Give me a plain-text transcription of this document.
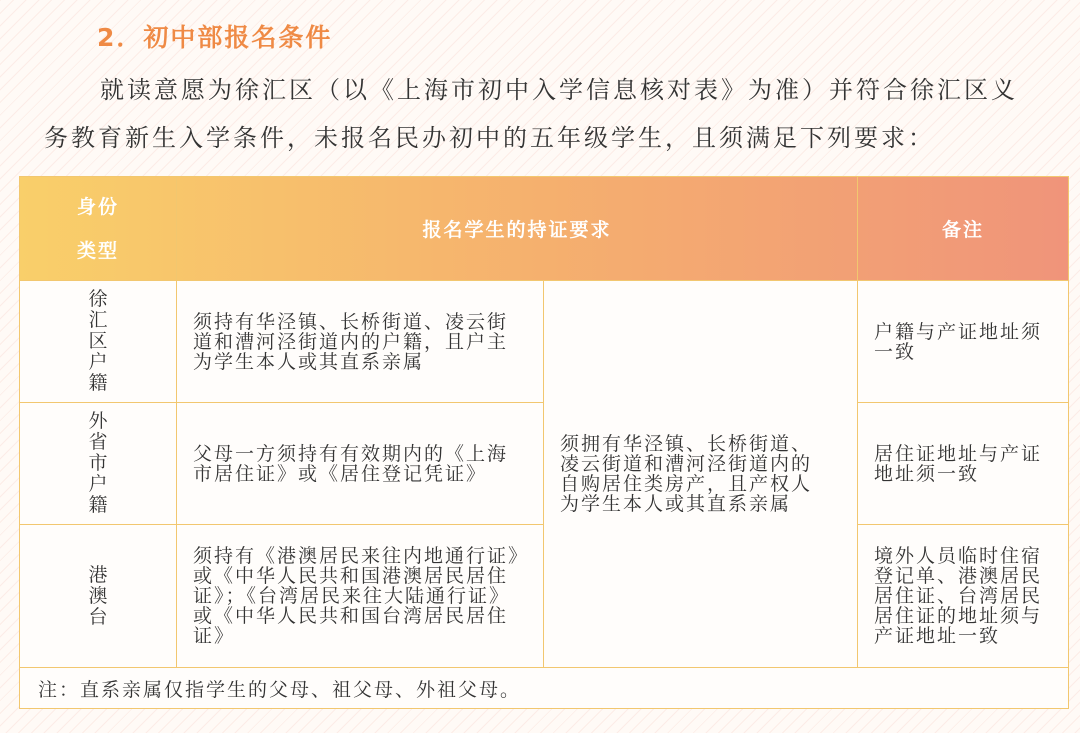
2．初中部报名条件

就读意愿为徐汇区（以《上海市初中入学信息核对表》为准）并符合徐汇区义
务教育新生入学条件，未报名民办初中的五年级学生，且须满足下列要求：

身份
类型	报名学生的持证要求		备注
徐汇区户籍	须持有华泾镇、长桥街道、凌云街道和漕河泾街道内的户籍，且户主为学生本人或其直系亲属	须拥有华泾镇、长桥街道、凌云街道和漕河泾街道内的自购居住类房产，且产权人为学生本人或其直系亲属	户籍与产证地址须一致
外省市户籍	父母一方须持有有效期内的《上海市居住证》或《居住登记凭证》		居住证地址与产证地址须一致
港澳台	须持有《港澳居民来往内地通行证》或《中华人民共和国港澳居民居住证》；《台湾居民来往大陆通行证》或《中华人民共和国台湾居民居住证》		境外人员临时住宿登记单、港澳居民居住证、台湾居民居住证的地址须与产证地址一致
注：直系亲属仅指学生的父母、祖父母、外祖父母。			
